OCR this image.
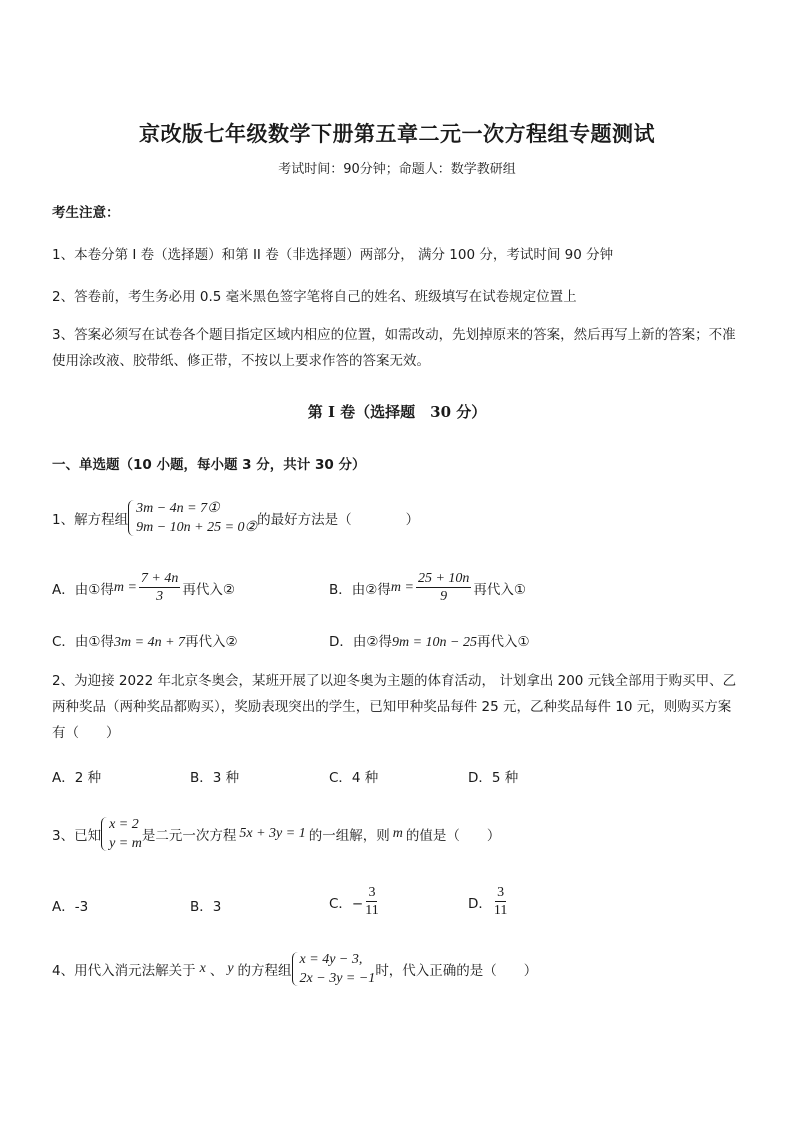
京改版七年级数学下册第五章二元一次方程组专题测试
考试时间：90分钟；命题人：数学教研组
考生注意：
1、本卷分第 I 卷（选择题）和第 II 卷（非选择题）两部分， 满分 100 分，考试时间 90 分钟
2、答卷前，考生务必用 0.5 毫米黑色签字笔将自己的姓名、班级填写在试卷规定位置上
3、答案必须写在试卷各个题目指定区域内相应的位置，如需改动，先划掉原来的答案，然后再写上新的答案；不准使用涂改液、胶带纸、修正带，不按以上要求作答的答案无效。
第 I 卷（选择题　30 分）
一、单选题（10 小题，每小题 3 分，共计 30 分）
1、解方程组
3m − 4n = 7①
9m − 10n + 25 = 0② 的最好方法是（　　　　）
A．由①得 $m = \frac{7 + 4n}{3}$ 再代入②	B．由②得 $m = \frac{25 + 10n}{9}$ 再代入①
C．由①得3m = 4n + 7再代入②	D．由②得9m = 10n − 25再代入①
2、为迎接 2022 年北京冬奥会，某班开展了以迎冬奥为主题的体育活动， 计划拿出 200 元钱全部用于购买甲、乙两种奖品（两种奖品都购买），奖励表现突出的学生，已知甲种奖品每件 25 元，乙种奖品每件 10 元，则购买方案有（　　）
A．2 种	B．3 种	C．4 种	D．5 种
3、已知
x = 2
y = m 是二元一次方程 5x + 3y = 1 的一组解，则 m 的值是（　　）
A．-3	B．3	C．− $\frac{3}{11}$	D． $\frac{3}{11}$
4、用代入消元法解关于 x 、 y 的方程组
x = 4y − 3,
2x − 3y = −1 时，代入正确的是（　　）
